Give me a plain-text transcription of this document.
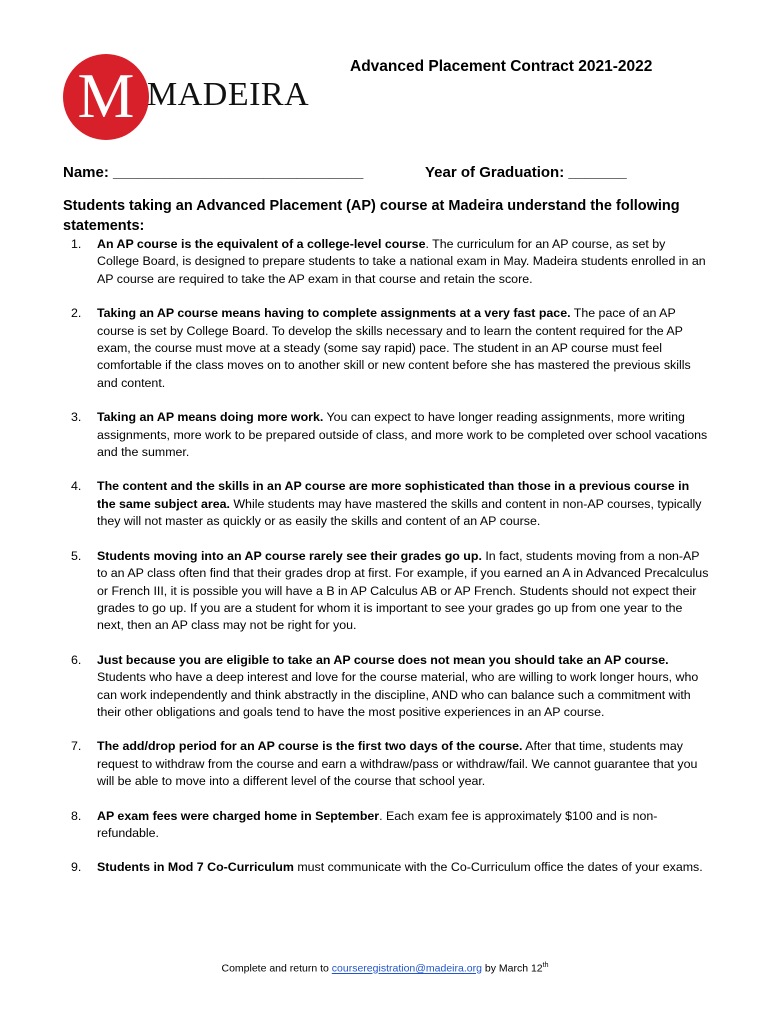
M MADEIRA
Advanced Placement Contract 2021-2022
Name: ______________________________	Year of Graduation: _______
Students taking an Advanced Placement (AP) course at Madeira understand the following statements:
1.	An AP course is the equivalent of a college-level course. The curriculum for an AP course, as set by College Board, is designed to prepare students to take a national exam in May. Madeira students enrolled in an AP course are required to take the AP exam in that course and retain the score.
2.	Taking an AP course means having to complete assignments at a very fast pace. The pace of an AP course is set by College Board. To develop the skills necessary and to learn the content required for the AP exam, the course must move at a steady (some say rapid) pace. The student in an AP course must feel comfortable if the class moves on to another skill or new content before she has mastered the previous skills and content.
3.	Taking an AP means doing more work. You can expect to have longer reading assignments, more writing assignments, more work to be prepared outside of class, and more work to be completed over school vacations and the summer.
4.	The content and the skills in an AP course are more sophisticated than those in a previous course in the same subject area. While students may have mastered the skills and content in non-AP courses, typically they will not master as quickly or as easily the skills and content of an AP course.
5.	Students moving into an AP course rarely see their grades go up. In fact, students moving from a non-AP to an AP class often find that their grades drop at first. For example, if you earned an A in Advanced Precalculus or French III, it is possible you will have a B in AP Calculus AB or AP French. Students should not expect their grades to go up. If you are a student for whom it is important to see your grades go up from one year to the next, then an AP class may not be right for you.
6.	Just because you are eligible to take an AP course does not mean you should take an AP course. Students who have a deep interest and love for the course material, who are willing to work longer hours, who can work independently and think abstractly in the discipline, AND who can balance such a commitment with their other obligations and goals tend to have the most positive experiences in an AP course.
7.	The add/drop period for an AP course is the first two days of the course. After that time, students may request to withdraw from the course and earn a withdraw/pass or withdraw/fail. We cannot guarantee that you will be able to move into a different level of the course that school year.
8.	AP exam fees were charged home in September. Each exam fee is approximately $100 and is non-refundable.
9.	Students in Mod 7 Co-Curriculum must communicate with the Co-Curriculum office the dates of your exams.
Complete and return to courseregistration@madeira.org by March 12th
